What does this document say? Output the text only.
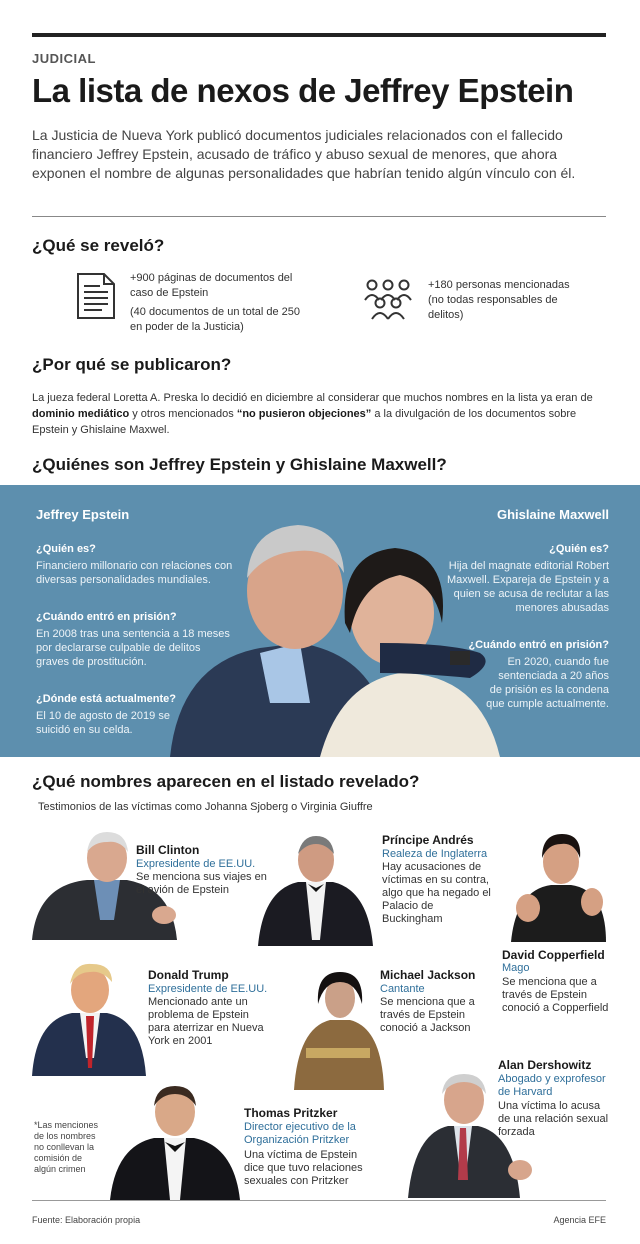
JUDICIAL
La lista de nexos de Jeffrey Epstein

La Justicia de Nueva York publicó documentos judiciales relacionados con el fallecido financiero Jeffrey Epstein, acusado de tráfico y abuso sexual de menores, que ahora exponen el nombre de algunas personalidades que habrían tenido algún vínculo con él.

¿Qué se reveló?

+900 páginas de documentos del caso de Epstein

(40 documentos de un total de 250 en poder de la Justicia)

+180 personas mencionadas (no todas responsables de delitos)

¿Por qué se publicaron?

La jueza federal Loretta A. Preska lo decidió en diciembre al considerar que muchos nombres en la lista ya eran de dominio mediático y otros mencionados “no pusieron objeciones” a la divulgación de los documentos sobre Epstein y Ghislaine Maxwel.

¿Quiénes son Jeffrey Epstein y Ghislaine Maxwell?
Jeffrey Epstein
¿Quién es?
Financiero millonario con relaciones con diversas personalidades mundiales.
¿Cuándo entró en prisión?
En 2008 tras una sentencia a 18 meses por declararse culpable de delitos graves de prostitución.
¿Dónde está actualmente?
El 10 de agosto de 2019 se suicidó en su celda.
Ghislaine Maxwell
¿Quién es?
Hija del magnate editorial Robert Maxwell. Expareja de Epstein y a quien se acusa de reclutar a las menores abusadas
¿Cuándo entró en prisión?
En 2020, cuando fue sentenciada a 20 años de prisión es la condena que cumple actualmente.
¿Qué nombres aparecen en el listado revelado?

Testimonios de las víctimas como Johanna Sjoberg o Virginia Giuffre

Bill Clinton
Expresidente de EE.UU.
Se menciona sus viajes en el avión de Epstein
Príncipe Andrés
Realeza de Inglaterra
Hay acusaciones de víctimas en su contra, algo que ha negado el Palacio de Buckingham
David Copperfield
Mago
Se menciona que a través de Epstein conoció a Copperfield
Donald Trump
Expresidente de EE.UU.
Mencionado ante un problema de Epstein para aterrizar en Nueva York en 2001
Michael Jackson
Cantante
Se menciona que a través de Epstein conoció a Jackson
Alan Dershowitz
Abogado y exprofesor de Harvard
Una víctima lo acusa de una relación sexual forzada
Thomas Pritzker
Director ejecutivo de la Organización Pritzker
Una víctima de Epstein dice que tuvo relaciones sexuales con Pritzker

*Las menciones de los nombres no conllevan la comisión de algún crimen

Fuente: Elaboración propia	Agencia EFE
